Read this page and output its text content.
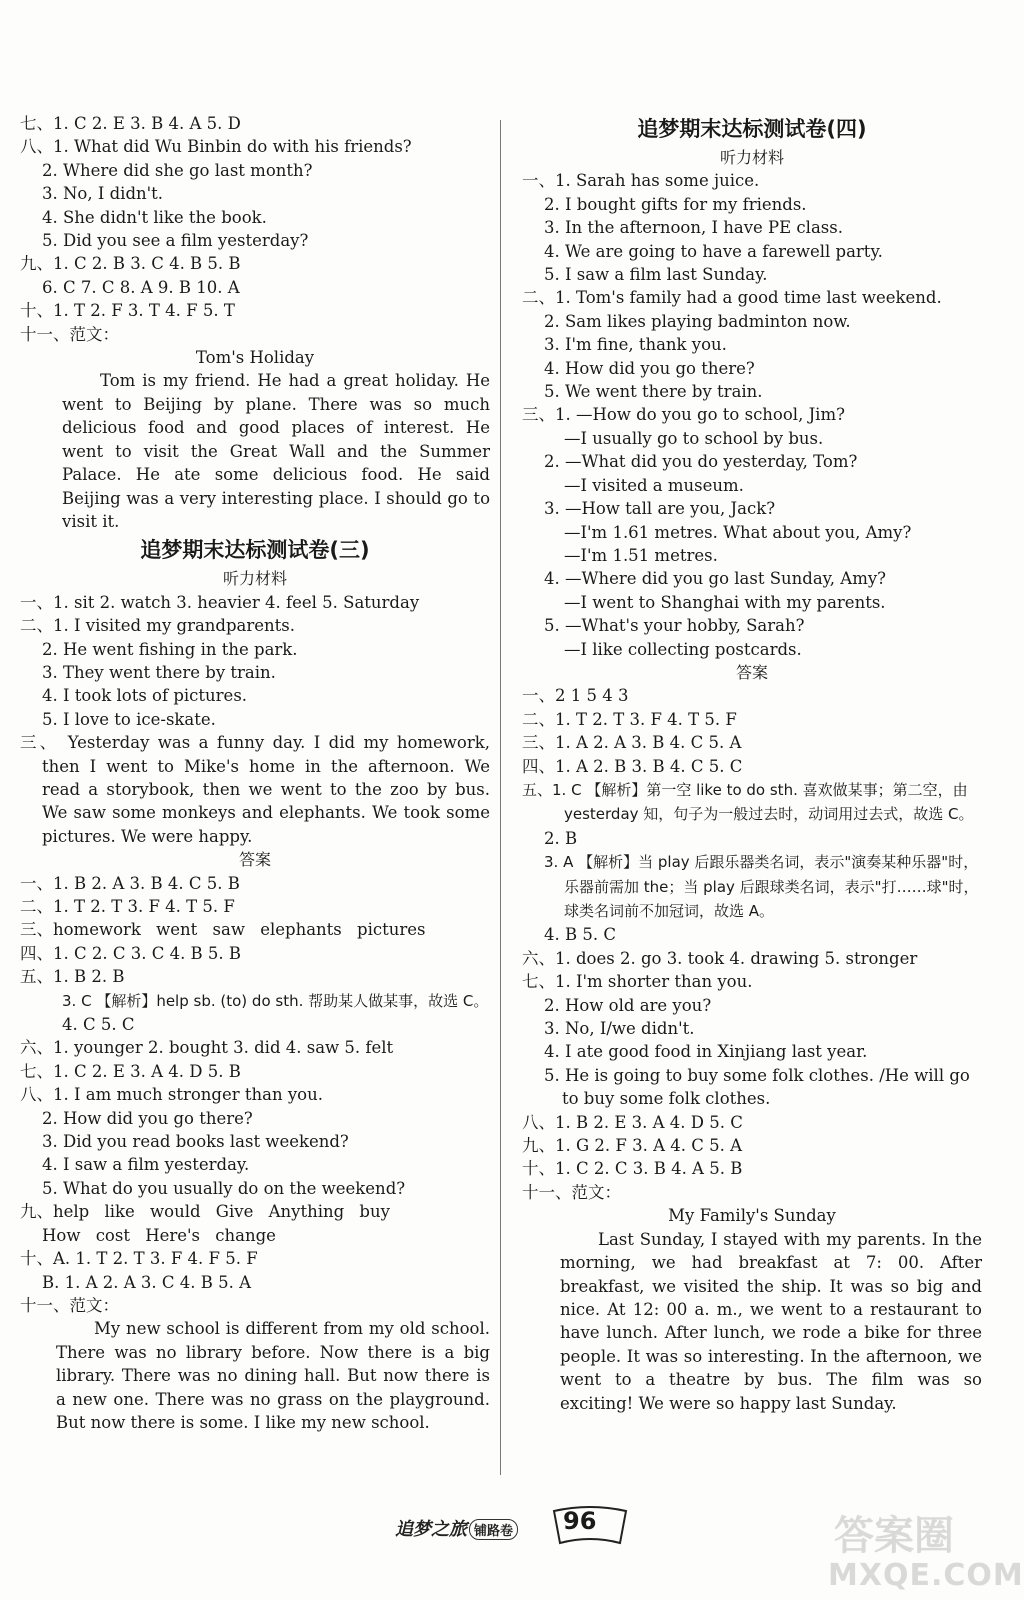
七、1. C 2. E 3. B 4. A 5. D
八、1. What did Wu Binbin do with his friends?
2. Where did she go last month?
3. No, I didn't.
4. She didn't like the book.
5. Did you see a film yesterday?
九、1. C 2. B 3. C 4. B 5. B
6. C 7. C 8. A 9. B 10. A
十、1. T 2. F 3. T 4. F 5. T
十一、范文：
Tom's Holiday
Tom is my friend. He had a great holiday. He went to Beijing by plane. There was so much delicious food and good places of interest. He went to visit the Great Wall and the Summer Palace. He ate some delicious food. He said Beijing was a very interesting place. I should go to visit it.
追梦期末达标测试卷(三)
听力材料
一、1. sit 2. watch 3. heavier 4. feel 5. Saturday
二、1. I visited my grandparents.
2. He went fishing in the park.
3. They went there by train.
4. I took lots of pictures.
5. I love to ice-skate.
三、 Yesterday was a funny day. I did my homework, then I went to Mike's home in the afternoon. We read a storybook, then we went to the zoo by bus. We saw some monkeys and elephants. We took some pictures. We were happy.
答案
一、1. B 2. A 3. B 4. C 5. B
二、1. T 2. T 3. F 4. T 5. F
三、homework went saw elephants pictures
四、1. C 2. C 3. C 4. B 5. B
五、1. B 2. B
3. C 【解析】help sb. (to) do sth. 帮助某人做某事，故选 C。
4. C 5. C
六、1. younger 2. bought 3. did 4. saw 5. felt
七、1. C 2. E 3. A 4. D 5. B
八、1. I am much stronger than you.
2. How did you go there?
3. Did you read books last weekend?
4. I saw a film yesterday.
5. What do you usually do on the weekend?
九、help like would Give Anything buy
How cost Here's change
十、A. 1. T 2. T 3. F 4. F 5. F
B. 1. A 2. A 3. C 4. B 5. A
十一、范文：
My new school is different from my old school. There was no library before. Now there is a big library. There was no dining hall. But now there is a new one. There was no grass on the playground. But now there is some. I like my new school.
追梦期末达标测试卷(四)
听力材料
一、1. Sarah has some juice.
2. I bought gifts for my friends.
3. In the afternoon, I have PE class.
4. We are going to have a farewell party.
5. I saw a film last Sunday.
二、1. Tom's family had a good time last weekend.
2. Sam likes playing badminton now.
3. I'm fine, thank you.
4. How did you go there?
5. We went there by train.
三、1. —How do you go to school, Jim?
—I usually go to school by bus.
2. —What did you do yesterday, Tom?
—I visited a museum.
3. —How tall are you, Jack?
—I'm 1.61 metres. What about you, Amy?
—I'm 1.51 metres.
4. —Where did you go last Sunday, Amy?
—I went to Shanghai with my parents.
5. —What's your hobby, Sarah?
—I like collecting postcards.
答案
一、2 1 5 4 3
二、1. T 2. T 3. F 4. T 5. F
三、1. A 2. A 3. B 4. C 5. A
四、1. A 2. B 3. B 4. C 5. C
五、1. C 【解析】第一空 like to do sth. 喜欢做某事；第二空，由 yesterday 知，句子为一般过去时，动词用过去式，故选 C。
2. B
3. A 【解析】当 play 后跟乐器类名词，表示"演奏某种乐器"时，乐器前需加 the；当 play 后跟球类名词，表示"打……球"时，球类名词前不加冠词，故选 A。
4. B 5. C
六、1. does 2. go 3. took 4. drawing 5. stronger
七、1. I'm shorter than you.
2. How old are you?
3. No, I/we didn't.
4. I ate good food in Xinjiang last year.
5. He is going to buy some folk clothes. /He will go to buy some folk clothes.
八、1. B 2. E 3. A 4. D 5. C
九、1. G 2. F 3. A 4. C 5. A
十、1. C 2. C 3. B 4. A 5. B
十一、范文：
My Family's Sunday
Last Sunday, I stayed with my parents. In the morning, we had breakfast at 7: 00. After breakfast, we visited the ship. It was so big and nice. At 12: 00 a. m., we went to a restaurant to have lunch. After lunch, we rode a bike for three people. It was so interesting. In the afternoon, we went to a theatre by bus. The film was so exciting! We were so happy last Sunday.
追梦之旅 铺路卷 96	答案圈
MXQE.COM
